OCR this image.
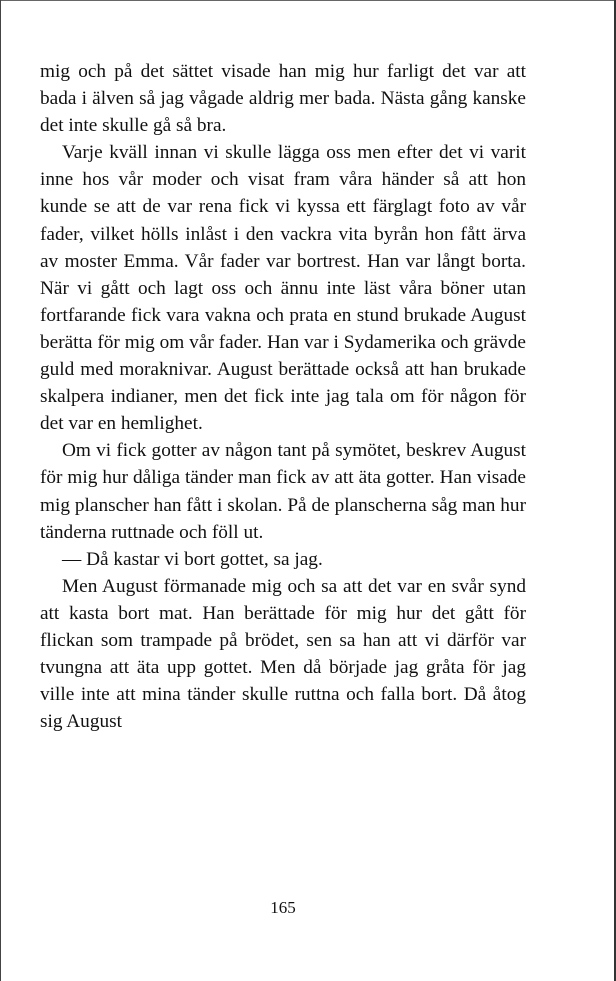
mig och på det sättet visade han mig hur farligt det var att bada i älven så jag vågade aldrig mer bada. Nästa gång kanske det inte skulle gå så bra.

Varje kväll innan vi skulle lägga oss men efter det vi varit inne hos vår moder och visat fram våra händer så att hon kunde se att de var rena fick vi kyssa ett färglagt foto av vår fader, vilket hölls inlåst i den vackra vita byrån hon fått ärva av moster Emma. Vår fader var bortrest. Han var långt borta. När vi gått och lagt oss och ännu inte läst våra böner utan fortfarande fick vara vakna och prata en stund brukade August berätta för mig om vår fader. Han var i Sydamerika och grävde guld med moraknivar. August berättade också att han brukade skalpera indianer, men det fick inte jag tala om för någon för det var en hemlighet.

Om vi fick gotter av någon tant på symötet, beskrev August för mig hur dåliga tänder man fick av att äta gotter. Han visade mig planscher han fått i skolan. På de planscherna såg man hur tänderna ruttnade och föll ut.

— Då kastar vi bort gottet, sa jag.

Men August förmanade mig och sa att det var en svår synd att kasta bort mat. Han berättade för mig hur det gått för flickan som trampade på brödet, sen sa han att vi därför var tvungna att äta upp gottet. Men då började jag gråta för jag ville inte att mina tänder skulle ruttna och falla bort. Då åtog sig August

165
